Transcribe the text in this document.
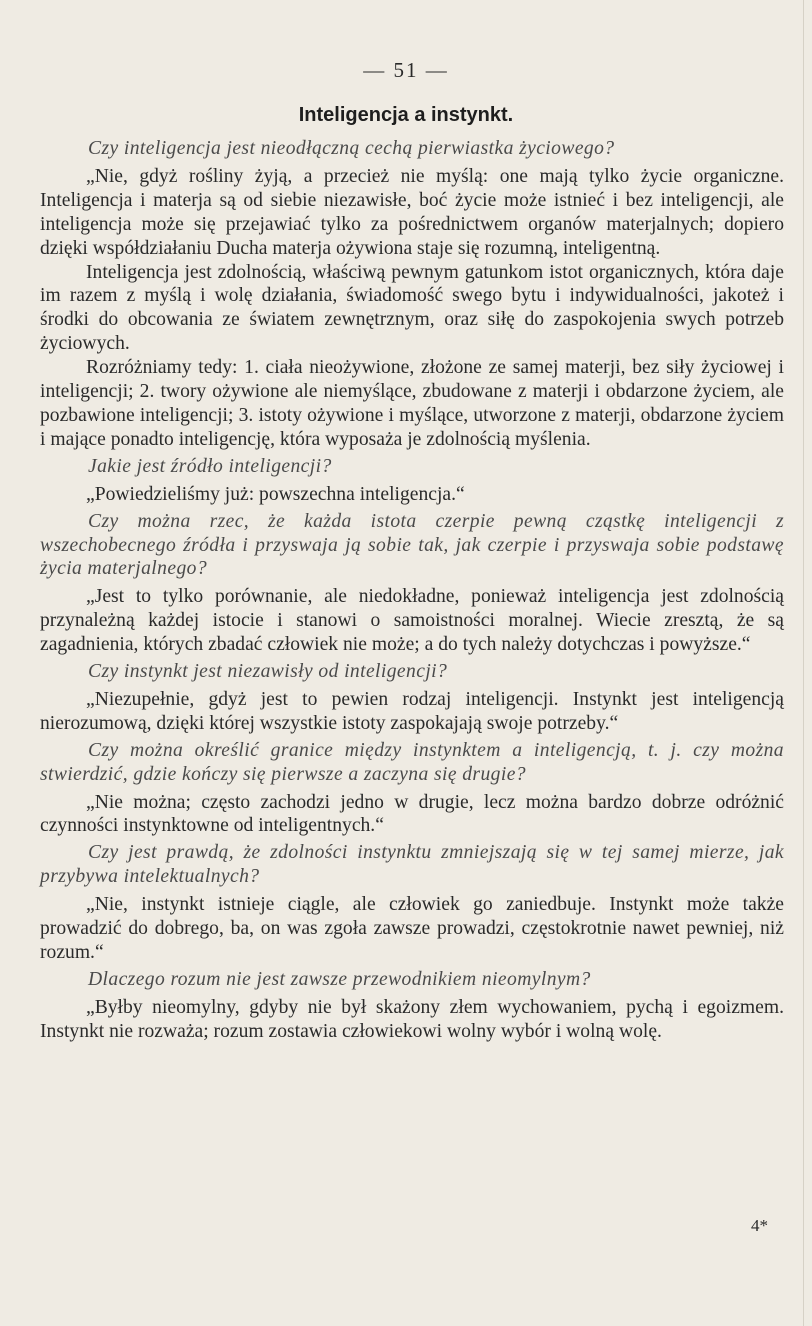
— 51 —
Inteligencja a instynkt.

Czy inteligencja jest nieodłączną cechą pierwiastka życiowego?

„Nie, gdyż rośliny żyją, a przecież nie myślą: one mają tylko życie organiczne. Inteligencja i materja są od siebie niezawisłe, boć życie może istnieć i bez inteligencji, ale inteligencja może się przejawiać tylko za pośrednictwem organów materjalnych; dopiero dzięki współdziałaniu Ducha materja ożywiona staje się rozumną, inteligentną.

Inteligencja jest zdolnością, właściwą pewnym gatunkom istot organicznych, która daje im razem z myślą i wolę działania, świadomość swego bytu i indywidualności, jakoteż i środki do obcowania ze światem zewnętrznym, oraz siłę do zaspokojenia swych potrzeb życiowych.

Rozróżniamy tedy: 1. ciała nieożywione, złożone ze samej materji, bez siły życiowej i inteligencji; 2. twory ożywione ale niemyślące, zbudowane z materji i obdarzone życiem, ale pozbawione inteligencji; 3. istoty ożywione i myślące, utworzone z materji, obdarzone życiem i mające ponadto inteligencję, która wyposaża je zdolnością myślenia.

Jakie jest źródło inteligencji?

„Powiedzieliśmy już: powszechna inteligencja.“

Czy można rzec, że każda istota czerpie pewną cząstkę inteligencji z wszechobecnego źródła i przyswaja ją sobie tak, jak czerpie i przyswaja sobie podstawę życia materjalnego?

„Jest to tylko porównanie, ale niedokładne, ponieważ inteligencja jest zdolnością przynależną każdej istocie i stanowi o samoistności moralnej. Wiecie zresztą, że są zagadnienia, których zbadać człowiek nie może; a do tych należy dotychczas i powyższe.“

Czy instynkt jest niezawisły od inteligencji?

„Niezupełnie, gdyż jest to pewien rodzaj inteligencji. Instynkt jest inteligencją nierozumową, dzięki której wszystkie istoty zaspokajają swoje potrzeby.“

Czy można określić granice między instynktem a inteligencją, t. j. czy można stwierdzić, gdzie kończy się pierwsze a zaczyna się drugie?

„Nie można; często zachodzi jedno w drugie, lecz można bardzo dobrze odróżnić czynności instynktowne od inteligentnych.“

Czy jest prawdą, że zdolności instynktu zmniejszają się w tej samej mierze, jak przybywa intelektualnych?

„Nie, instynkt istnieje ciągle, ale człowiek go zaniedbuje. Instynkt może także prowadzić do dobrego, ba, on was zgoła zawsze prowadzi, częstokrotnie nawet pewniej, niż rozum.“

Dlaczego rozum nie jest zawsze przewodnikiem nieomylnym?

„Byłby nieomylny, gdyby nie był skażony złem wychowaniem, pychą i egoizmem. Instynkt nie rozważa; rozum zostawia człowiekowi wolny wybór i wolną wolę.

4*
